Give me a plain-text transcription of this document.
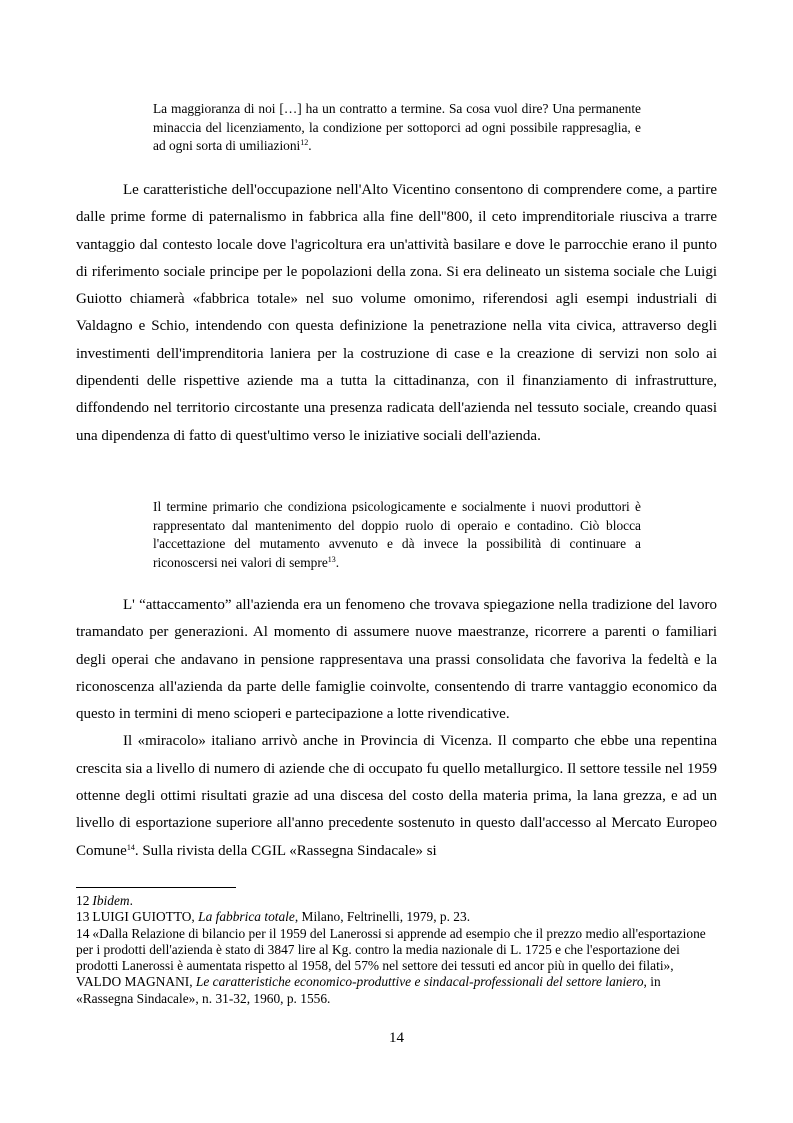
La maggioranza di noi […] ha un contratto a termine. Sa cosa vuol dire? Una permanente minaccia del licenziamento, la condizione per sottoporci ad ogni possibile rappresaglia, e ad ogni sorta di umiliazioni$^{12}$.

Le caratteristiche dell'occupazione nell'Alto Vicentino consentono di comprendere come, a partire dalle prime forme di paternalismo in fabbrica alla fine dell''800, il ceto imprenditoriale riusciva a trarre vantaggio dal contesto locale dove l'agricoltura era un'attività basilare e dove le parrocchie erano il punto di riferimento sociale principe per le popolazioni della zona. Si era delineato un sistema sociale che Luigi Guiotto chiamerà «fabbrica totale» nel suo volume omonimo, riferendosi agli esempi industriali di Valdagno e Schio, intendendo con questa definizione la penetrazione nella vita civica, attraverso degli investimenti dell'imprenditoria laniera per la costruzione di case e la creazione di servizi non solo ai dipendenti delle rispettive aziende ma a tutta la cittadinanza, con il finanziamento di infrastrutture, diffondendo nel territorio circostante una presenza radicata dell'azienda nel tessuto sociale, creando quasi una dipendenza di fatto di quest'ultimo verso le iniziative sociali dell'azienda.

Il termine primario che condiziona psicologicamente e socialmente i nuovi produttori è rappresentato dal mantenimento del doppio ruolo di operaio e contadino. Ciò blocca l'accettazione del mutamento avvenuto e dà invece la possibilità di continuare a riconoscersi nei valori di sempre$^{13}$.

L' “attaccamento” all'azienda era un fenomeno che trovava spiegazione nella tradizione del lavoro tramandato per generazioni. Al momento di assumere nuove maestranze, ricorrere a parenti o familiari degli operai che andavano in pensione rappresentava una prassi consolidata che favoriva la fedeltà e la riconoscenza all'azienda da parte delle famiglie coinvolte, consentendo di trarre vantaggio economico da questo in termini di meno scioperi e partecipazione a lotte rivendicative.

Il «miracolo» italiano arrivò anche in Provincia di Vicenza. Il comparto che ebbe una repentina crescita sia a livello di numero di aziende che di occupato fu quello metallurgico. Il settore tessile nel 1959 ottenne degli ottimi risultati grazie ad una discesa del costo della materia prima, la lana grezza, e ad un livello di esportazione superiore all'anno precedente sostenuto in questo dall'accesso al Mercato Europeo Comune$^{14}$. Sulla rivista della CGIL «Rassegna Sindacale» si

12 Ibidem.

13 LUIGI GUIOTTO, La fabbrica totale, Milano, Feltrinelli, 1979, p. 23.

14 «Dalla Relazione di bilancio per il 1959 del Lanerossi si apprende ad esempio che il prezzo medio all'esportazione per i prodotti dell'azienda è stato di 3847 lire al Kg. contro la media nazionale di L. 1725 e che l'esportazione dei prodotti Lanerossi è aumentata rispetto al 1958, del 57% nel settore dei tessuti ed ancor più in quello dei filati», VALDO MAGNANI, Le caratteristiche economico-produttive e sindacal-professionali del settore laniero, in «Rassegna Sindacale», n. 31-32, 1960, p. 1556.

14
